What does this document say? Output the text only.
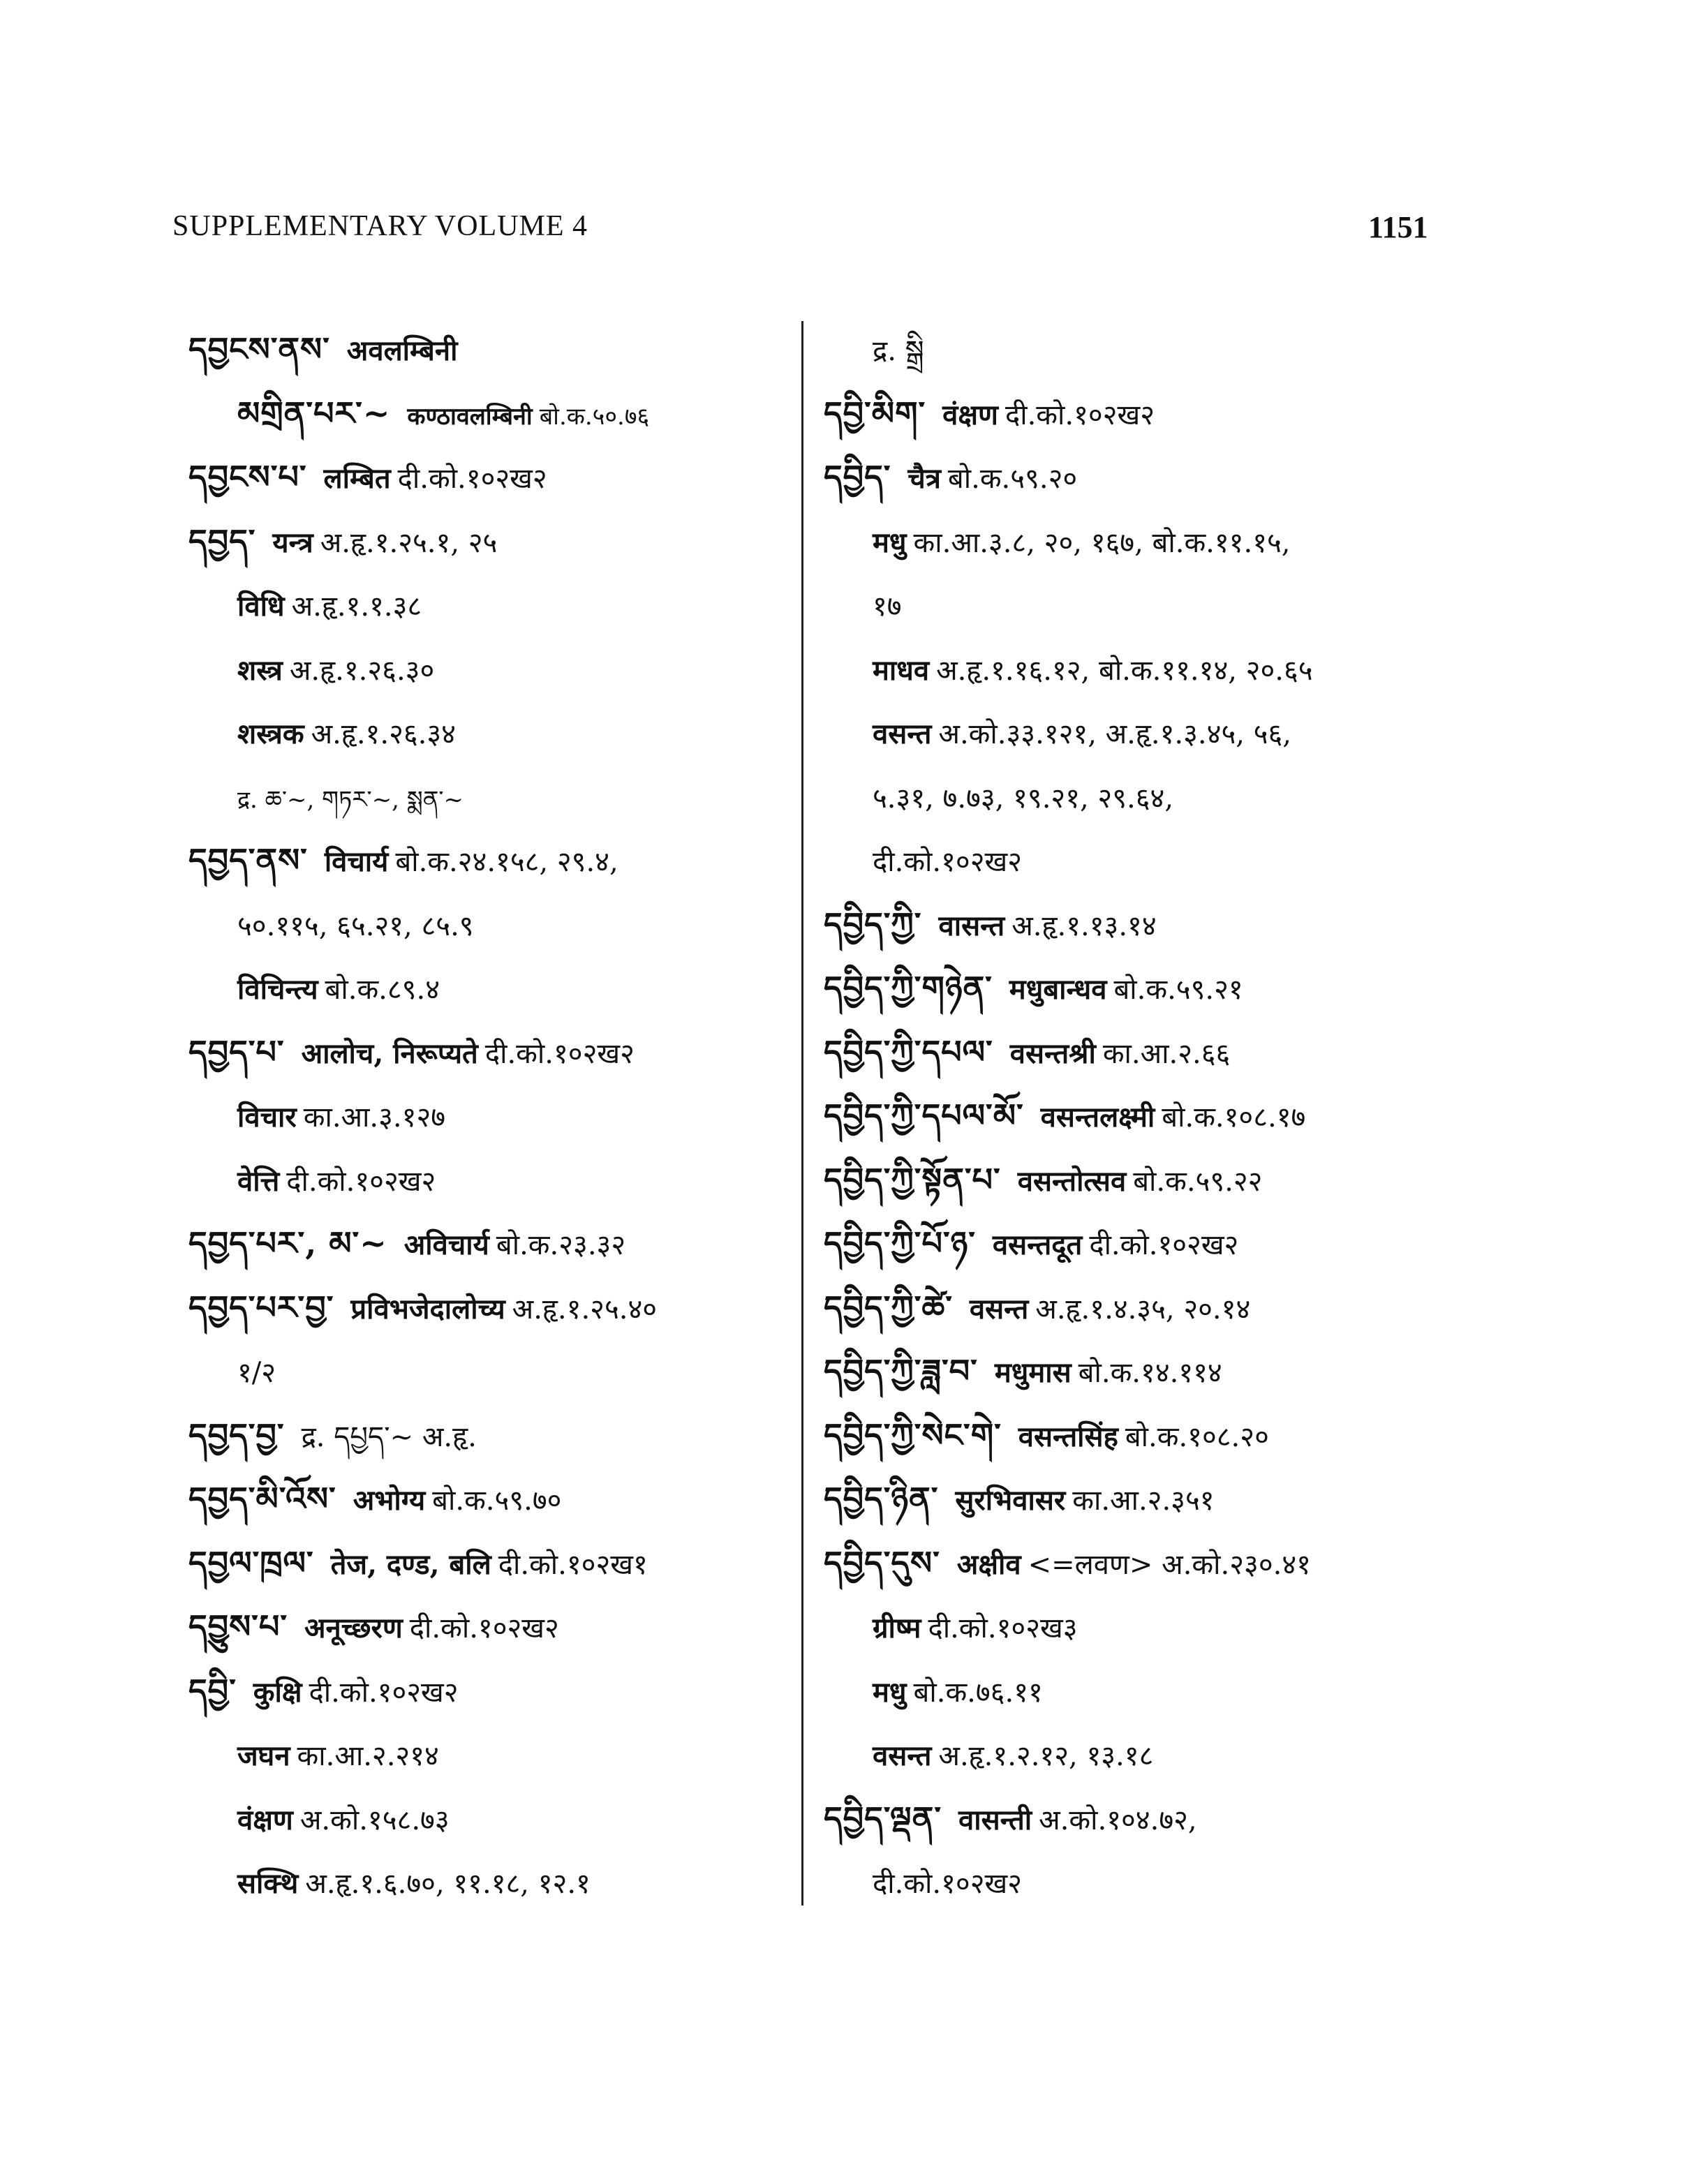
SUPPLEMENTARY VOLUME 4	1151
དབྱངས་ནས་ अवलम्बिनी
མགྲིན་པར་~ कण्ठावलम्बिनी बो.क.५०.७६
དབྱངས་པ་ लम्बित दी.को.१०२ख२
དབྱད་ यन्त्र अ.हृ.१.२५.१, २५
विधि अ.हृ.१.१.३८
शस्त्र अ.हृ.१.२६.३०
शस्त्रक अ.हृ.१.२६.३४
द्र. ཆ་~, གཏར་~, སྨན་~
དབྱད་ནས་ विचार्य बो.क.२४.१५८, २९.४,
५०.११५, ६५.२१, ८५.९
विचिन्त्य बो.क.८९.४
དབྱད་པ་ आलोच, निरूप्यते दी.को.१०२ख२
विचार का.आ.३.१२७
वेत्ति दी.को.१०२ख२
དབྱད་པར་, མ་~ अविचार्य बो.क.२३.३२
དབྱད་པར་བྱ་ प्रविभजेदालोच्य अ.हृ.१.२५.४०
१/२
དབྱད་བྱ་ द्र. དཔྱད་~ अ.हृ.
དབྱད་མི་འོས་ अभोग्य बो.क.५९.७०
དབྱལ་ཁྲལ་ तेज, दण्ड, बलि दी.को.१०२ख१
དབྱུས་པ་ अनूच्छरण दी.को.१०२ख२
དབྱི་ कुक्षि दी.को.१०२ख२
जघन का.आ.२.२१४
वंक्षण अ.को.१५८.७३
सक्थि अ.हृ.१.६.७०, ११.१८, १२.१
द्र. སྒྲི
དབྱི་མིག་ वंक्षण दी.को.१०२ख२
དབྱིད་ चैत्र बो.क.५९.२०
मधु का.आ.३.८, २०, १६७, बो.क.११.१५,
१७
माधव अ.हृ.१.१६.१२, बो.क.११.१४, २०.६५
वसन्त अ.को.३३.१२१, अ.हृ.१.३.४५, ५६,
५.३१, ७.७३, १९.२१, २९.६४,
दी.को.१०२ख२
དབྱིད་ཀྱི་ वासन्त अ.हृ.१.१३.१४
དབྱིད་ཀྱི་གཉེན་ मधुबान्धव बो.क.५९.२१
དབྱིད་ཀྱི་དཔལ་ वसन्तश्री का.आ.२.६६
དབྱིད་ཀྱི་དཔལ་མོ་ वसन्तलक्ष्मी बो.क.१०८.१७
དབྱིད་ཀྱི་སྟོན་པ་ वसन्तोत्सव बो.क.५९.२२
དབྱིད་ཀྱི་པོ་ཉ་ वसन्तदूत दी.को.१०२ख२
དབྱིད་ཀྱི་ཚེ་ वसन्त अ.हृ.१.४.३५, २०.१४
དབྱིད་ཀྱི་ཟླ་བ་ मधुमास बो.क.१४.११४
དབྱིད་ཀྱི་སེང་གེ་ वसन्तसिंह बो.क.१०८.२०
དབྱིད་ཉིན་ सुरभिवासर का.आ.२.३५१
དབྱིད་དུས་ अक्षीव <=लवण> अ.को.२३०.४१
ग्रीष्म दी.को.१०२ख३
मधु बो.क.७६.११
वसन्त अ.हृ.१.२.१२, १३.१८
དབྱིད་ལྡན་ वासन्ती अ.को.१०४.७२,
दी.को.१०२ख२
